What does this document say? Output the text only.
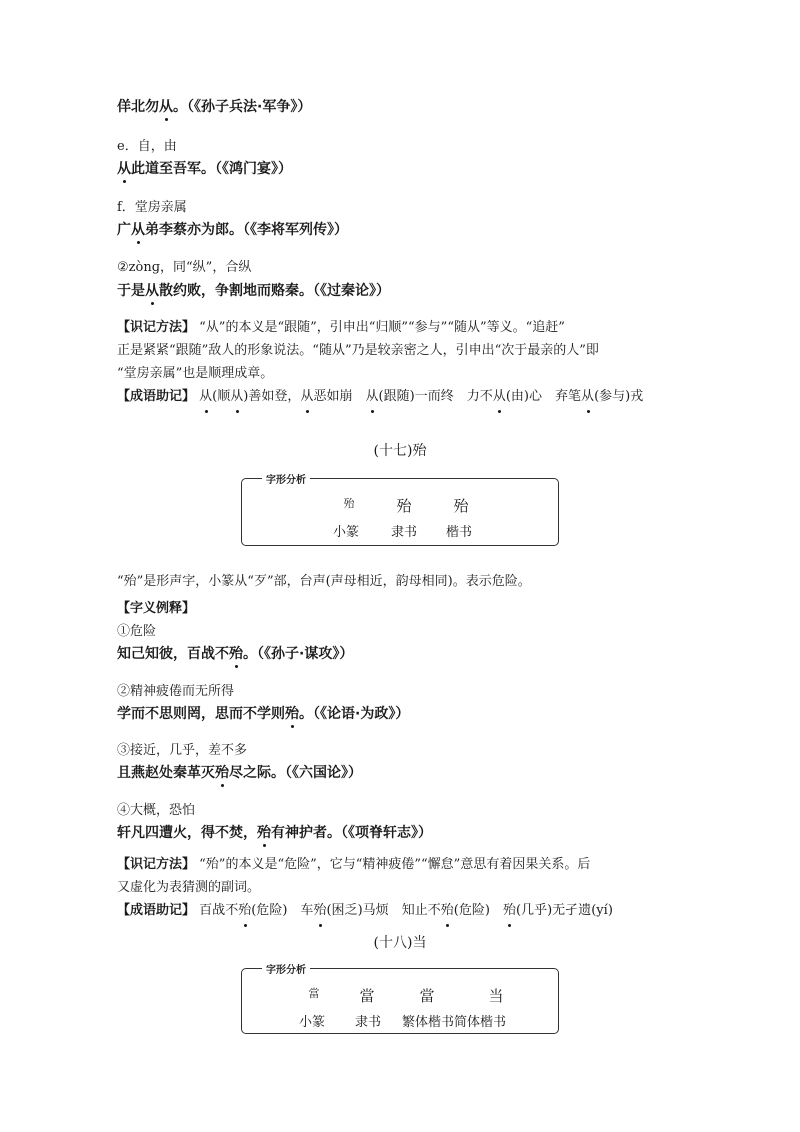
佯北勿从。（《孙子兵法·军争》）
e．自，由
从此道至吾军。（《鸿门宴》）
f．堂房亲属
广从弟李蔡亦为郎。（《李将军列传》）
②zònɡ，同“纵”，合纵
于是从散约败，争割地而赂秦。（《过秦论》）
【识记方法】 “从”的本义是“跟随”，引申出“归顺”“参与”“随从”等义。“追赶”
正是紧紧“跟随”敌人的形象说法。“随从”乃是较亲密之人，引申出“次于最亲的人”即
“堂房亲属”也是顺理成章。
【成语助记】 从(顺从)善如登，从恶如崩　 从(跟随)一而终　 力不从(由)心　 弃笔从(参与)戎
(十七)殆
字形分析
殆	殆	殆
小篆 隶书 楷书
“殆”是形声字，小篆从“歹”部，台声(声母相近，韵母相同)。表示危险。
【字义例释】
①危险
知己知彼，百战不殆。（《孙子·谋攻》）
②精神疲倦而无所得
学而不思则罔，思而不学则殆。（《论语·为政》）
③接近，几乎，差不多
且燕赵处秦革灭殆尽之际。（《六国论》）
④大概，恐怕
轩凡四遭火，得不焚，殆有神护者。（《项脊轩志》）
【识记方法】 “殆”的本义是“危险”，它与“精神疲倦”“懈怠”意思有着因果关系。后
又虚化为表猜测的副词。
【成语助记】 百战不殆(危险)　 车殆(困乏)马烦　 知止不殆(危险)　 殆(几乎)无孑遗(yí)
(十八)当
字形分析
當	當	當	当
小篆 隶书 繁体楷书 简体楷书
